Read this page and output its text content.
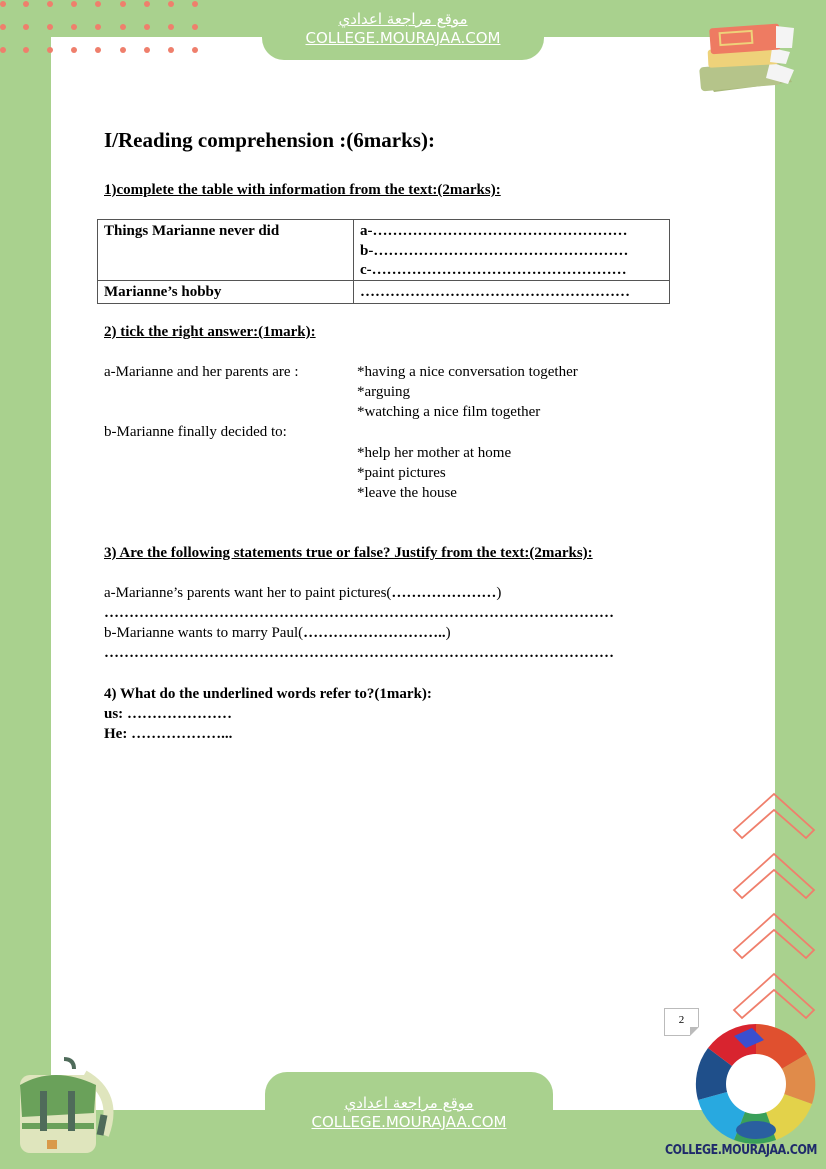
موقع مراجعة اعدادي
COLLEGE.MOURAJAA.COM
I/Reading comprehension :(6marks):

1)complete the table with information from the text:(2marks):

Things Marianne never did	a-……………………………………………
b-……………………………………………
c-……………………………………………

Marianne’s hobby	………………………………………………

2) tick the right answer:(1mark):

a-Marianne and her parents are :	*having a nice conversation together
*arguing
*watching a nice film together
b-Marianne finally decided to:
*help her mother at home
*paint pictures
*leave the house

3) Are the following statements true or false? Justify from the text:(2marks):

a-Marianne’s parents want her to paint pictures(…………………)
…………………………………………………………………………………………
b-Marianne wants to marry Paul(………………………..)
…………………………………………………………………………………………

4) What do the underlined words refer to?(1mark):

us: …………………
He: ………………...
2
موقع مراجعة اعدادي
COLLEGE.MOURAJAA.COM
COLLEGE.MOURAJAA.COM
